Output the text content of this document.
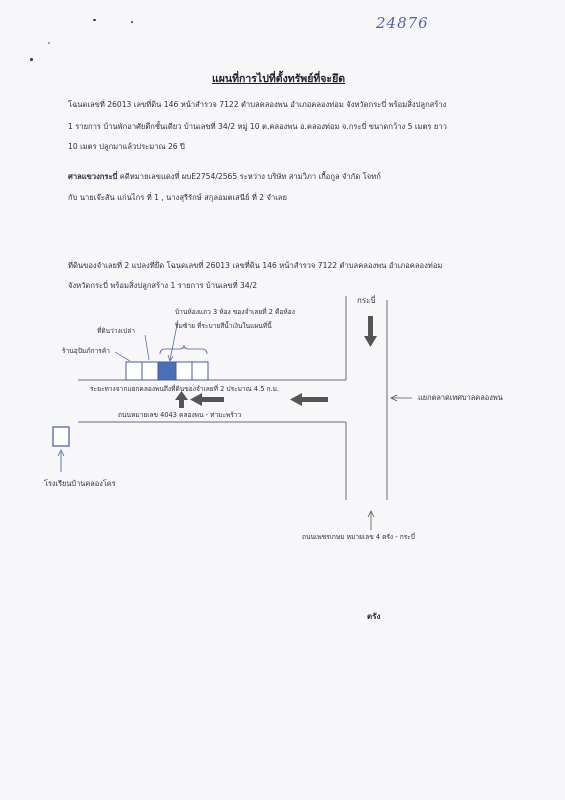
24876
แผนที่การไปที่ตั้งทรัพย์ที่จะยึด
โฉนดเลขที่ 26013 เลขที่ดิน 146 หน้าสำรวจ 7122 ตำบลคลองพน อำเภอคลองท่อม จังหวัดกระบี่ พร้อมสิ่งปลูกสร้าง
1 รายการ บ้านพักอาศัยตึกชั้นเดียว บ้านเลขที่ 34/2 หมู่ 10 ต.คลองพน อ.คลองท่อม จ.กระบี่ ขนาดกว้าง 5 เมตร ยาว
10 เมตร ปลูกมาแล้วประมาณ 26 ปี
ศาลแขวงกระบี่ คดีหมายเลขแดงที่ ผบE2754/2565 ระหว่าง บริษัท สามวิภา เกื้อกูล จำกัด โจทก์
กับ นายเจ๊ะสัน แก่นไกร ที่ 1 , นางสุรีรักษ์ สกุลอมตเสนีย์ ที่ 2 จำเลย
ที่ดินของจำเลยที่ 2 แปลงที่ยึด โฉนดเลขที่ 26013 เลขที่ดิน 146 หน้าสำรวจ 7122 ตำบลคลองพน อำเภอคลองท่อม
จังหวัดกระบี่ พร้อมสิ่งปลูกสร้าง 1 รายการ บ้านเลขที่ 34/2
กระบี่
บ้านห้องแถว 3 ห้อง ของจำเลยที่ 2 คือห้อง
ริมซ้าย ที่ระบายสีน้ำเงินในแผนที่นี้
ที่ดินว่างเปล่า
ร้านอุปัมภ์การค้า
ระยะทางจากแยกคลองพนถึงที่ดินของจำเลยที่ 2 ประมาณ 4.5 ก.ม.
แยกตลาดเทศบาลคลองพน
ถนนหมายเลข 4043 คลองพน - ท่ามะพร้าว
โรงเรียนบ้านคลองโคร
ถนนเพชรเกษม หมายเลข 4 ตรัง - กระบี่
ตรัง
